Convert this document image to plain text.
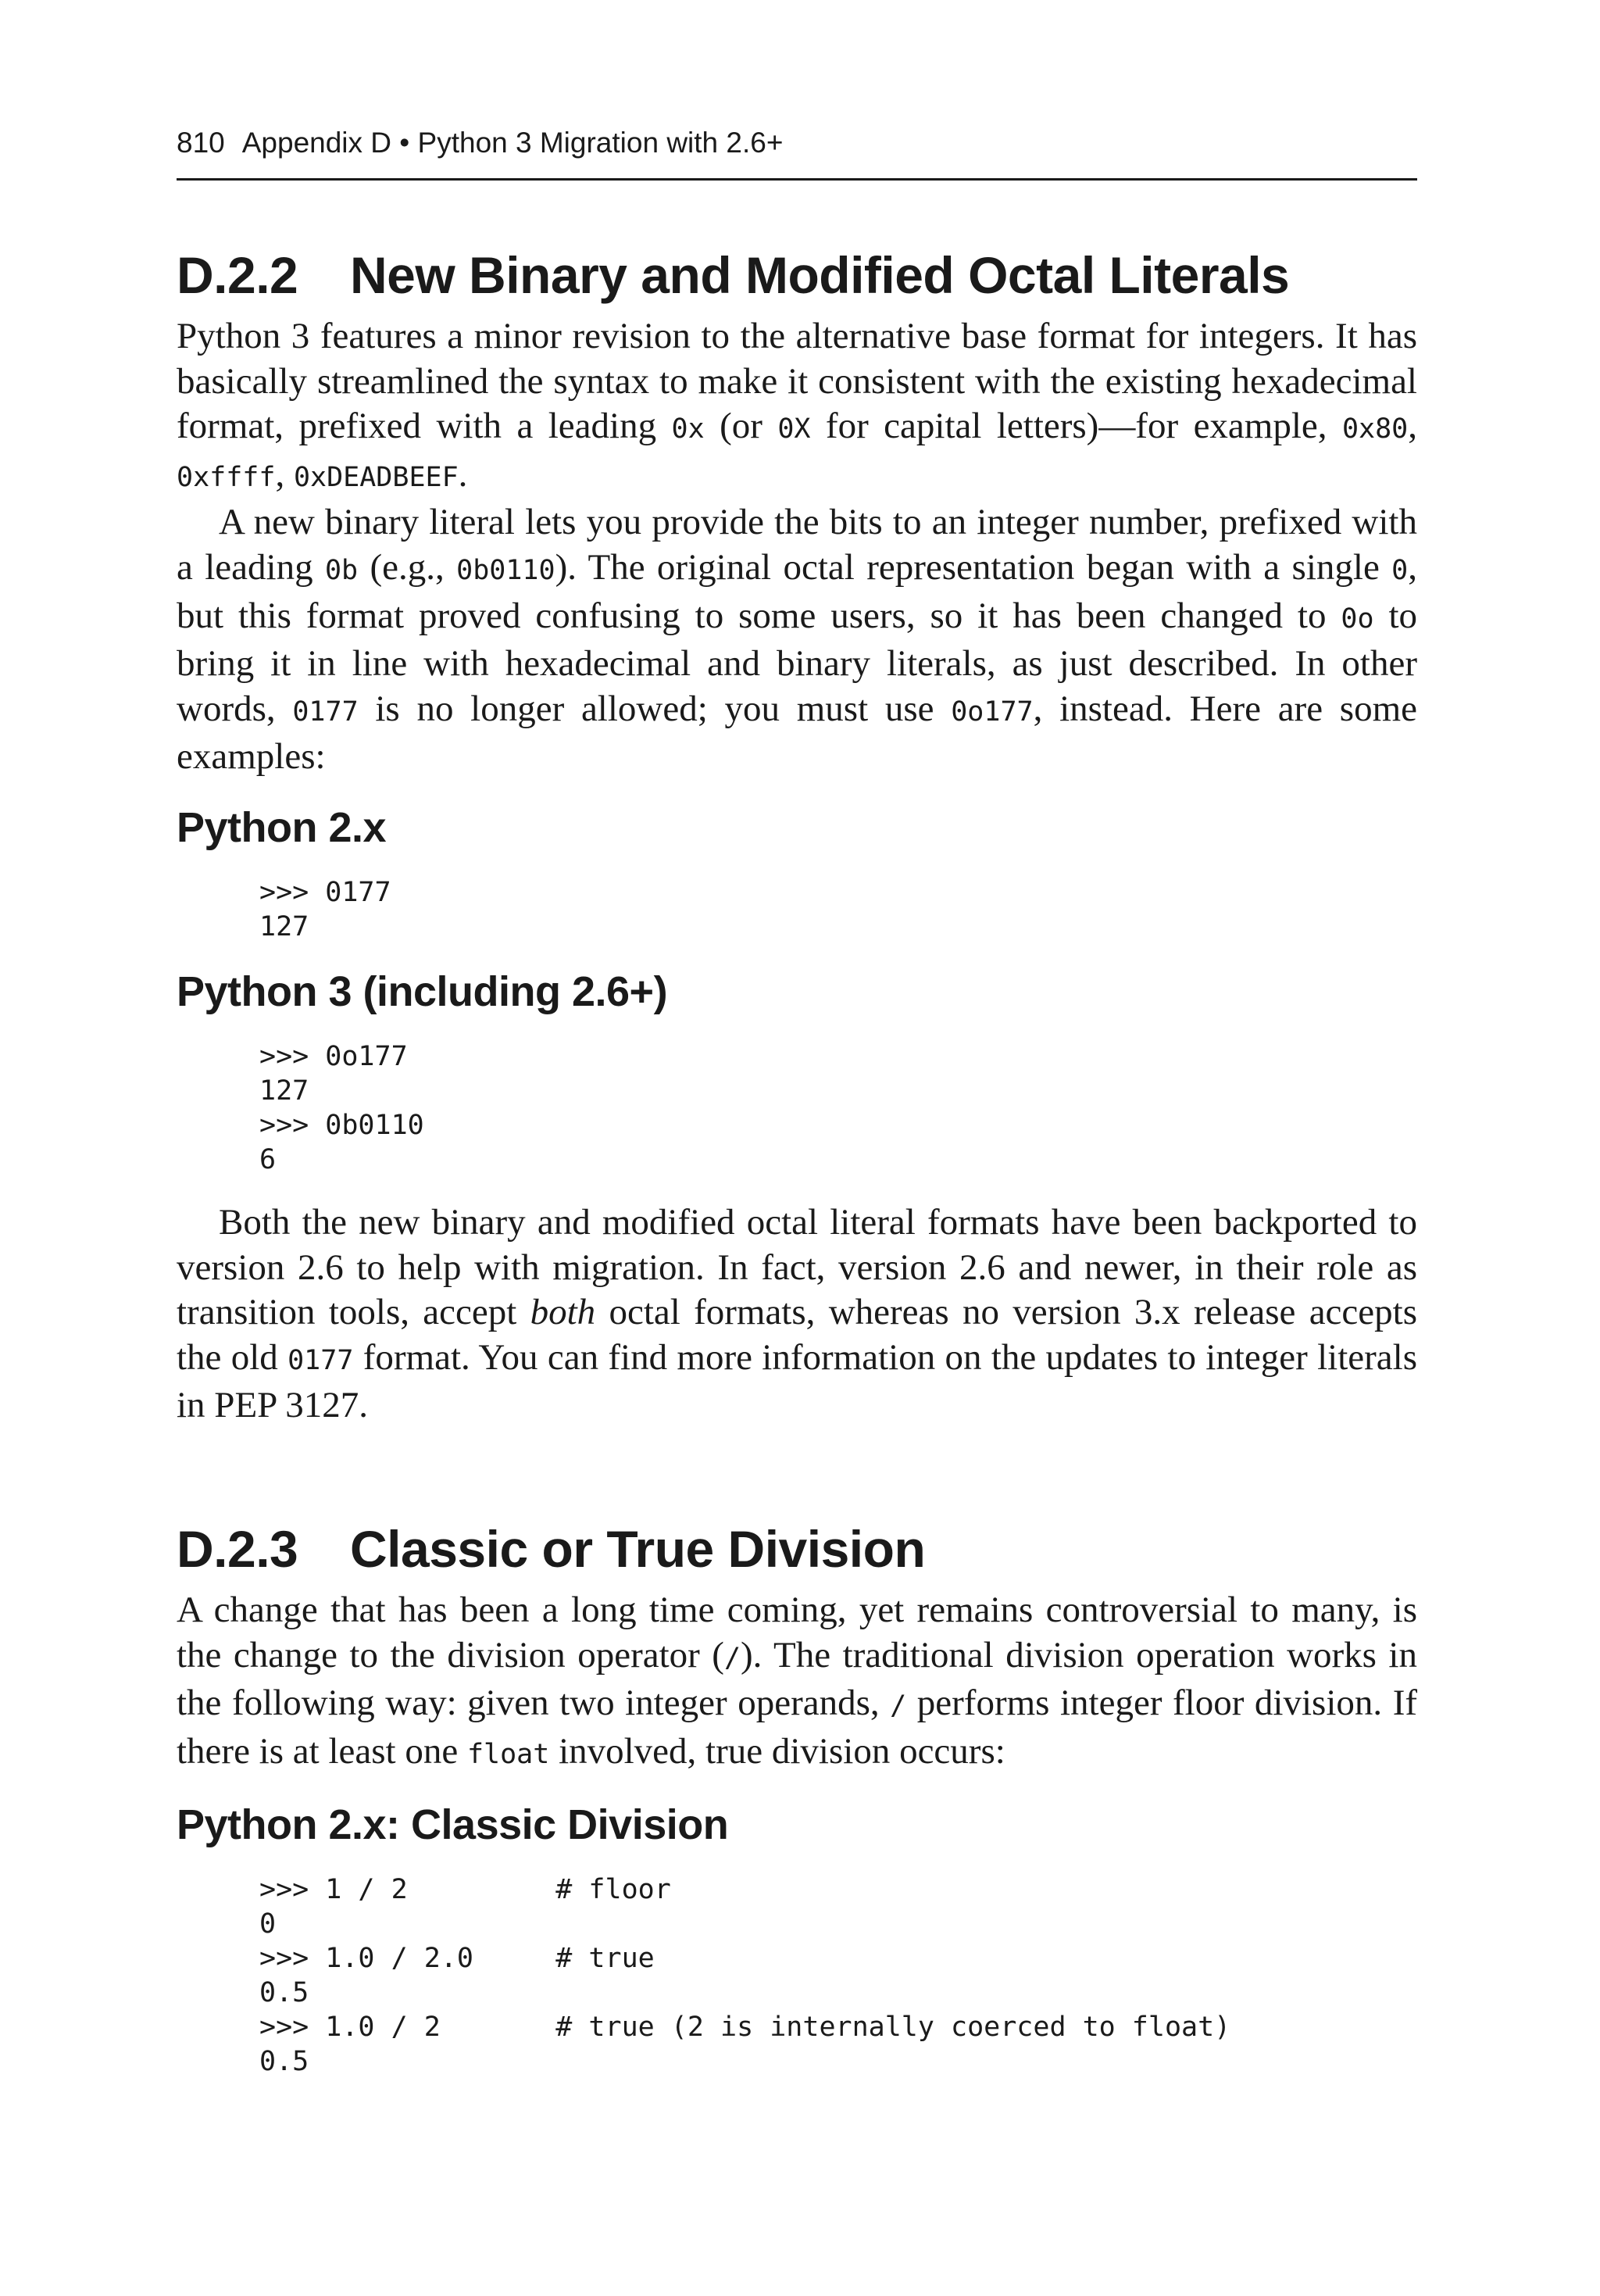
810 Appendix D • Python 3 Migration with 2.6+
D.2.2 New Binary and Modified Octal Literals

Python 3 features a minor revision to the alternative base format for integers. It has basically streamlined the syntax to make it consistent with the existing hexadecimal format, prefixed with a leading 0x (or 0X for capital letters)—for example, 0x80, 0xffff, 0xDEADBEEF.

A new binary literal lets you provide the bits to an integer number, prefixed with a leading 0b (e.g., 0b0110). The original octal representation began with a single 0, but this format proved confusing to some users, so it has been changed to 0o to bring it in line with hexadecimal and binary literals, as just described. In other words, 0177 is no longer allowed; you must use 0o177, instead. Here are some examples:

Python 2.x
>>> 0177
127
Python 3 (including 2.6+)
>>> 0o177
127
>>> 0b0110
6

Both the new binary and modified octal literal formats have been backported to version 2.6 to help with migration. In fact, version 2.6 and newer, in their role as transition tools, accept both octal formats, whereas no version 3.x release accepts the old 0177 format. You can find more information on the updates to integer literals in PEP 3127.

D.2.3 Classic or True Division

A change that has been a long time coming, yet remains controversial to many, is the change to the division operator (/). The traditional division operation works in the following way: given two integer operands, / performs integer floor division. If there is at least one float involved, true division occurs:

Python 2.x: Classic Division
>>> 1 / 2         # floor
0
>>> 1.0 / 2.0     # true
0.5
>>> 1.0 / 2       # true (2 is internally coerced to float)
0.5
